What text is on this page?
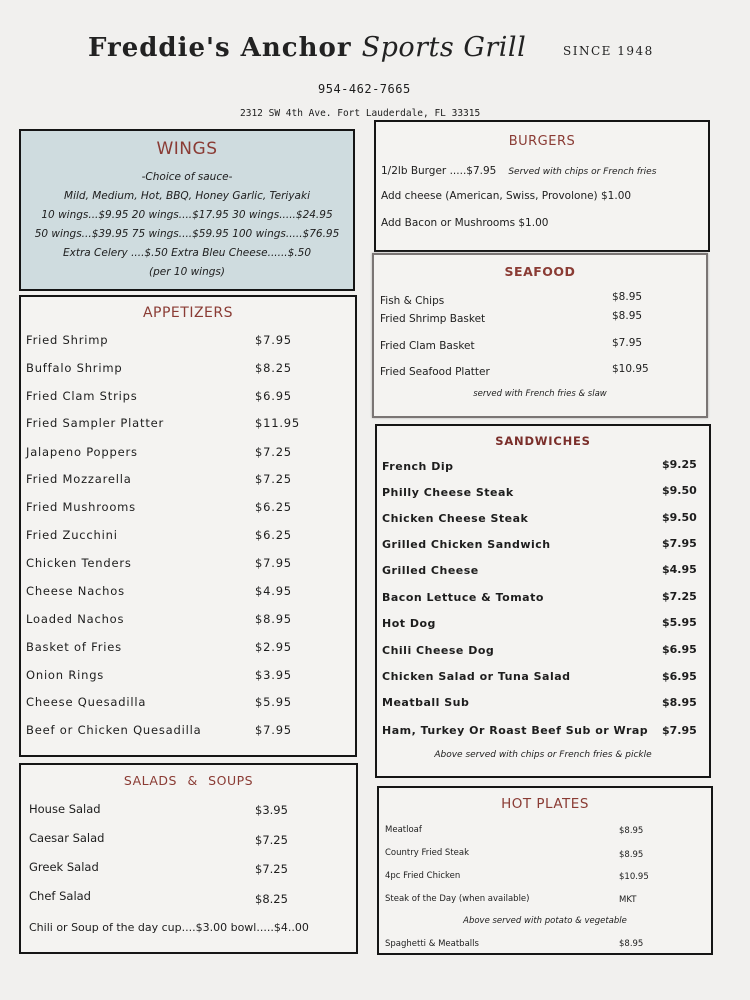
Freddie's Anchor Sports Grill	SINCE 1948
954-462-7665
2312 SW 4th Ave. Fort Lauderdale, FL 33315
WINGS
-Choice of sauce-
Mild, Medium, Hot, BBQ, Honey Garlic, Teriyaki
10 wings...$9.95 20 wings....$17.95 30 wings.....$24.95
50 wings...$39.95 75 wings....$59.95 100 wings.....$76.95
Extra Celery ....$.50 Extra Bleu Cheese......$.50
(per 10 wings)
APPETIZERS
Fried Shrimp	$7.95
Buffalo Shrimp	$8.25
Fried Clam Strips	$6.95
Fried Sampler Platter	$11.95
Jalapeno Poppers	$7.25
Fried Mozzarella	$7.25
Fried Mushrooms	$6.25
Fried Zucchini	$6.25
Chicken Tenders	$7.95
Cheese Nachos	$4.95
Loaded Nachos	$8.95
Basket of Fries	$2.95
Onion Rings	$3.95
Cheese Quesadilla	$5.95
Beef or Chicken Quesadilla	$7.95
SALADS & SOUPS
House Salad	$3.95
Caesar Salad	$7.25
Greek Salad	$7.25
Chef Salad	$8.25
Chili or Soup of the day cup....$3.00 bowl.....$4..00
BURGERS
1/2lb Burger .....$7.95 Served with chips or French fries
Add cheese (American, Swiss, Provolone) $1.00
Add Bacon or Mushrooms $1.00
SEAFOOD
Fish & Chips	$8.95
Fried Shrimp Basket	$8.95
Fried Clam Basket	$7.95
Fried Seafood Platter	$10.95
served with French fries & slaw
SANDWICHES
French Dip	$9.25
Philly Cheese Steak	$9.50
Chicken Cheese Steak	$9.50
Grilled Chicken Sandwich	$7.95
Grilled Cheese	$4.95
Bacon Lettuce & Tomato	$7.25
Hot Dog	$5.95
Chili Cheese Dog	$6.95
Chicken Salad or Tuna Salad	$6.95
Meatball Sub	$8.95
Ham, Turkey Or Roast Beef Sub or Wrap $7.95
Above served with chips or French fries & pickle
HOT PLATES
Meatloaf	$8.95
Country Fried Steak	$8.95
4pc Fried Chicken	$10.95
Steak of the Day (when available)	MKT
Above served with potato & vegetable
Spaghetti & Meatballs	$8.95
